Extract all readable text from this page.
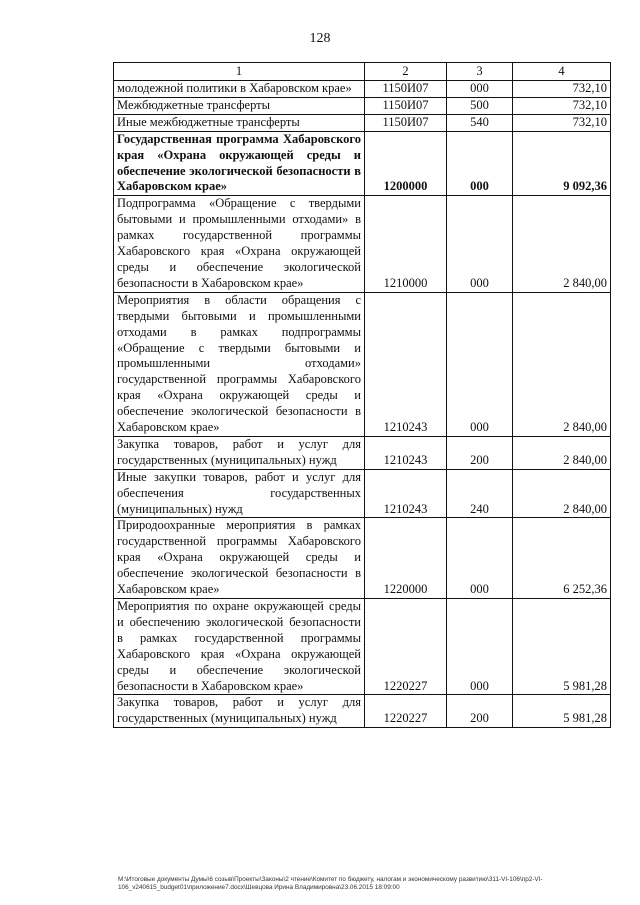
128
1	2	3	4
молодежной политики в Хабаровском крае»	1150И07	000	732,10
Межбюджетные трансферты	1150И07	500	732,10
Иные межбюджетные трансферты	1150И07	540	732,10
Государственная программа Хабаровского края «Охрана окружающей среды и обеспечение экологической безопасности в Хабаровском крае»	1200000	000	9 092,36
Подпрограмма «Обращение с твердыми бытовыми и промышленными отходами» в рамках государственной программы Хабаровского края «Охрана окружающей среды и обеспечение экологической безопасности в Хабаровском крае»	1210000	000	2 840,00
Мероприятия в области обращения с твердыми бытовыми и промышленными отходами в рамках подпрограммы «Обращение с твердыми бытовыми и промышленными отходами» государственной программы Хабаровского края «Охрана окружающей среды и обеспечение экологической безопасности в Хабаровском крае»	1210243	000	2 840,00
Закупка товаров, работ и услуг для государственных (муниципальных) нужд	1210243	200	2 840,00
Иные закупки товаров, работ и услуг для обеспечения государственных (муниципальных) нужд	1210243	240	2 840,00
Природоохранные мероприятия в рамках государственной программы Хабаровского края «Охрана окружающей среды и обеспечение экологической безопасности в Хабаровском крае»	1220000	000	6 252,36
Мероприятия по охране окружающей среды и обеспечению экологической безопасности в рамках государственной программы Хабаровского края «Охрана окружающей среды и обеспечение экологической безопасности в Хабаровском крае»	1220227	000	5 981,28
Закупка товаров, работ и услуг для государственных (муниципальных) нужд	1220227	200	5 981,28
М:\Итоговые документы Думы\6 созыв\Проекты\Законы\2 чтение\Комитет по бюджету, налогам и экономическому развитию\311-VI-106\пр2-VI-
106_v240615_budget01\приложение7.docx\Шевцова Ирина Владимировна\23.06.2015 18:09:00
